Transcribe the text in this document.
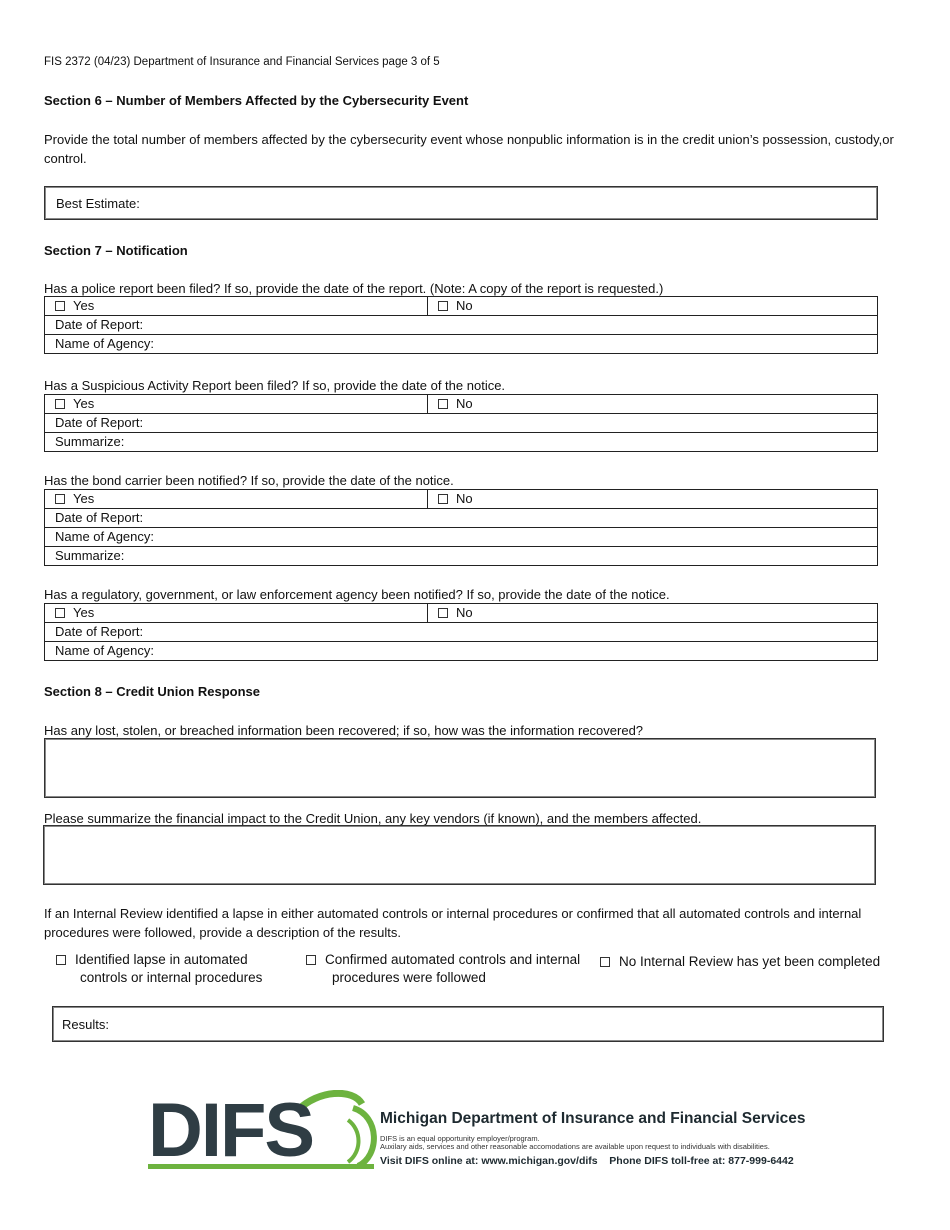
FIS 2372 (04/23) Department of Insurance and Financial Services page 3 of 5
Section 6 – Number of Members Affected by the Cybersecurity Event
Provide the total number of members affected by the cybersecurity event whose nonpublic information is in the credit union’s possession, custody,or control.
Best Estimate:
Section 7 – Notification
Has a police report been filed? If so, provide the date of the report. (Note: A copy of the report is requested.)
Yes	No
Date of Report:
Name of Agency:
Has a Suspicious Activity Report been filed? If so, provide the date of the notice.
Yes	No
Date of Report:
Summarize:
Has the bond carrier been notified? If so, provide the date of the notice.
Yes	No
Date of Report:
Name of Agency:
Summarize:
Has a regulatory, government, or law enforcement agency been notified? If so, provide the date of the notice.
Yes	No
Date of Report:
Name of Agency:
Section 8 – Credit Union Response
Has any lost, stolen, or breached information been recovered; if so, how was the information recovered?
Please summarize the financial impact to the Credit Union, any key vendors (if known), and the members affected.
If an Internal Review identified a lapse in either automated controls or internal procedures or confirmed that all automated controls and internal procedures were followed, provide a description of the results.
Identified lapse in automated
controls or internal procedures
Confirmed automated controls and internal
procedures were followed
No Internal Review has yet been completed
Results:
DIFS	Michigan Department of Insurance and Financial Services
DIFS is an equal opportunity employer/program.
Auxilary aids, services and other reasonable accomodations are available upon request to individuals with disabilities.
Visit DIFS online at: www.michigan.gov/difs    Phone DIFS toll-free at: 877-999-6442
